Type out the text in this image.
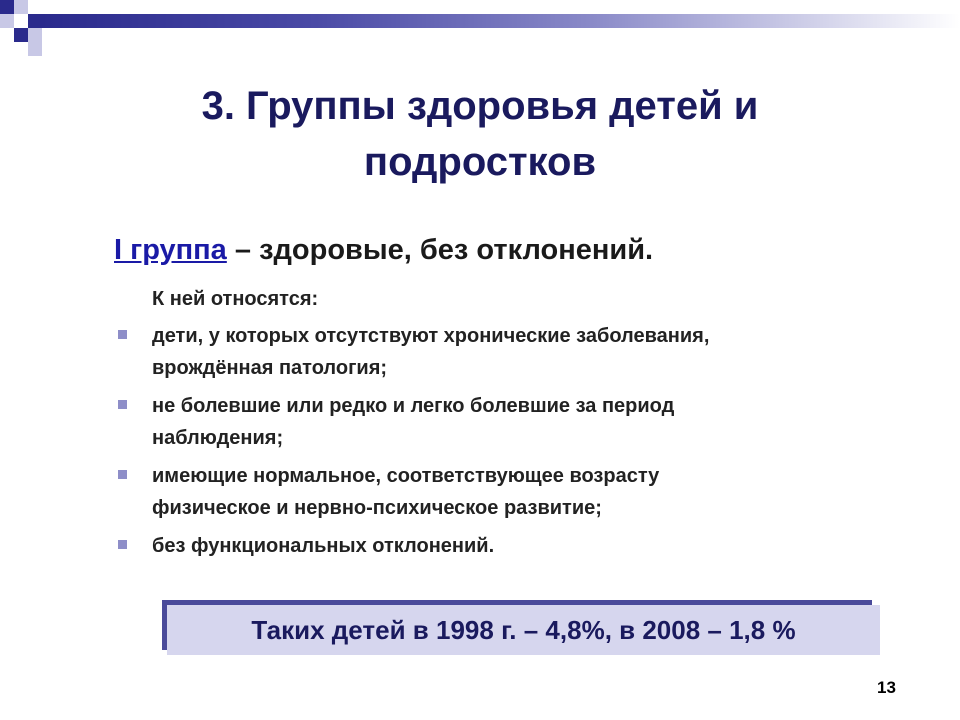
3. Группы здоровья детей и
подростков
I группа – здоровые, без отклонений.
К ней относятся:
дети, у которых отсутствуют хронические заболевания,
врождённая патология;
не болевшие или редко и легко болевшие за период
наблюдения;
имеющие нормальное, соответствующее возрасту
физическое и нервно-психическое развитие;
без функциональных отклонений.
Таких детей в 1998 г. – 4,8%, в 2008 – 1,8 %
13
